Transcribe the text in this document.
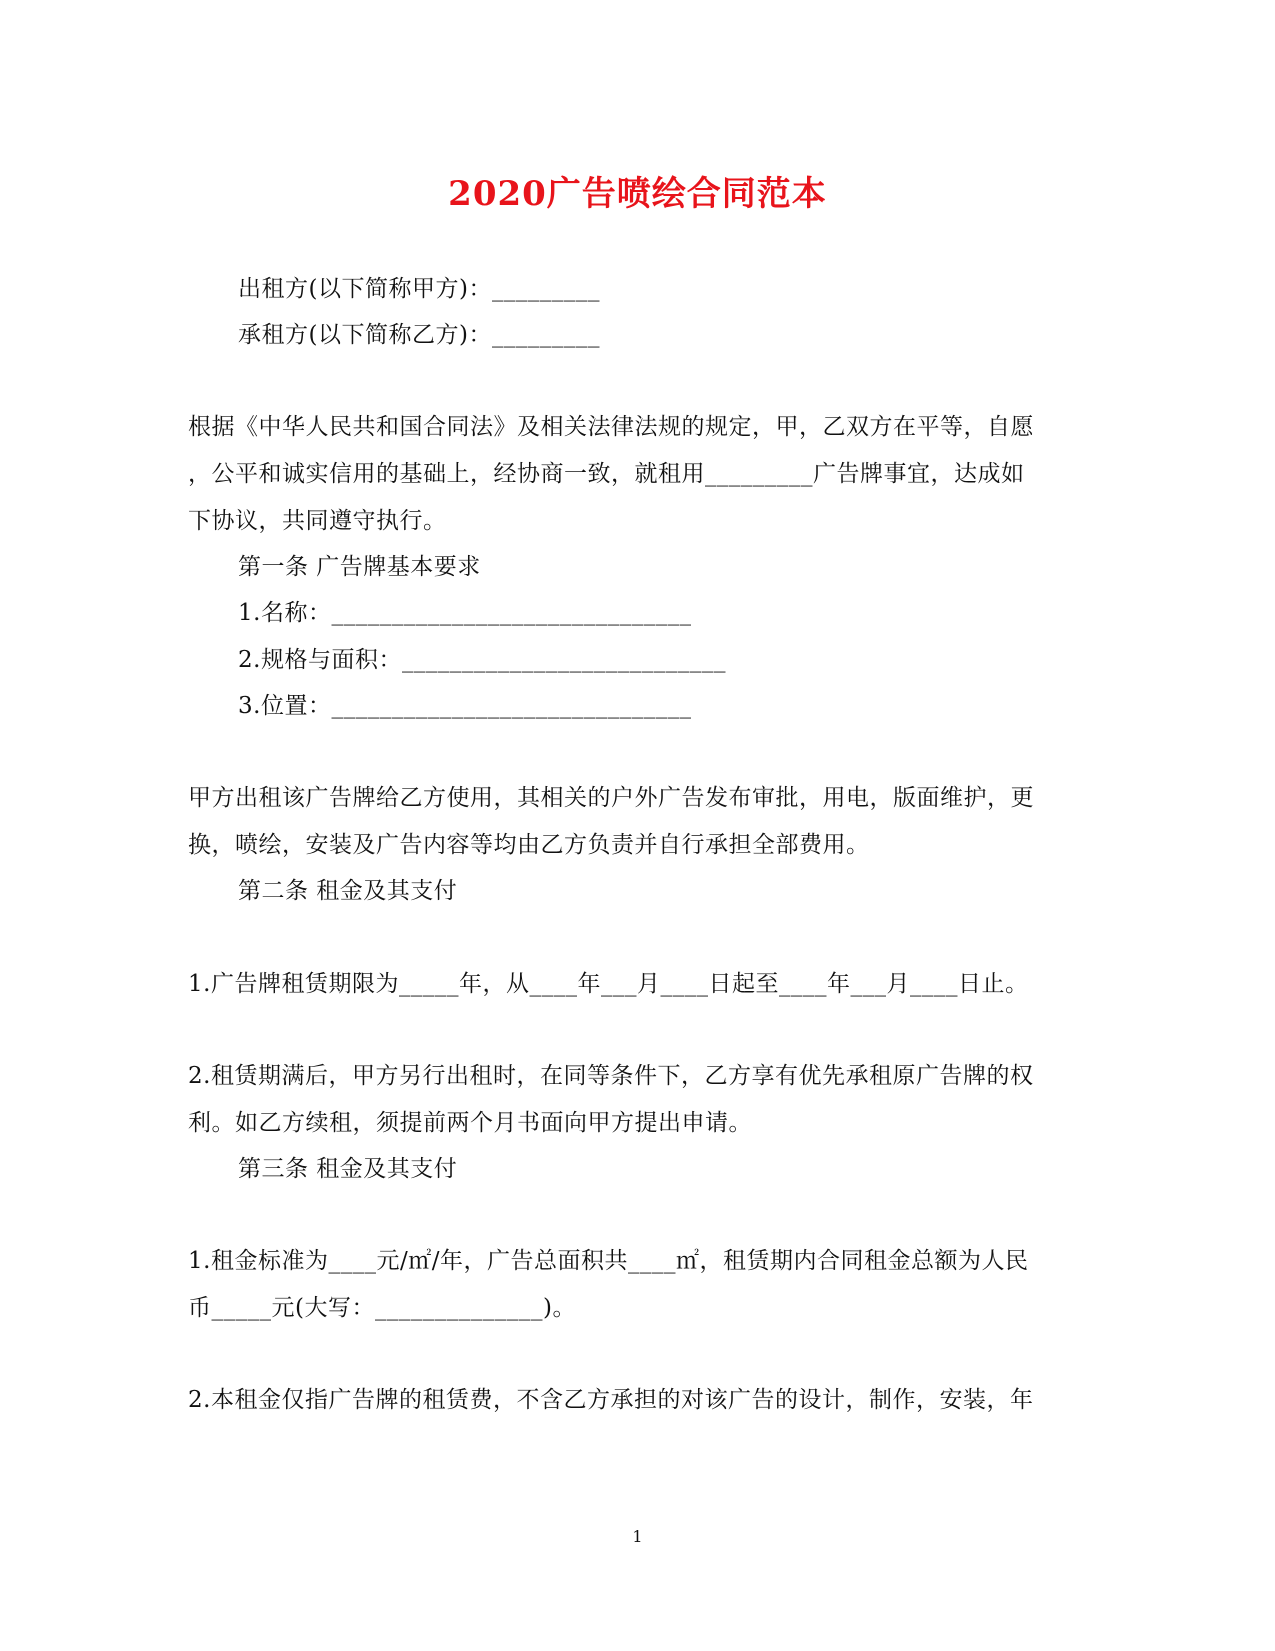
2020广告喷绘合同范本
出租方(以下简称甲方)：_________
承租方(以下简称乙方)：_________
根据《中华人民共和国合同法》及相关法律法规的规定，甲，乙双方在平等，自愿
，公平和诚实信用的基础上，经协商一致，就租用_________广告牌事宜，达成如
下协议，共同遵守执行。
第一条 广告牌基本要求
1.名称：______________________________
2.规格与面积：___________________________
3.位置：______________________________
甲方出租该广告牌给乙方使用，其相关的户外广告发布审批，用电，版面维护，更
换，喷绘，安装及广告内容等均由乙方负责并自行承担全部费用。
第二条 租金及其支付
1.广告牌租赁期限为_____年，从____年___月____日起至____年___月____日止。
2.租赁期满后，甲方另行出租时，在同等条件下，乙方享有优先承租原广告牌的权
利。如乙方续租，须提前两个月书面向甲方提出申请。
第三条 租金及其支付
1.租金标准为____元/㎡/年，广告总面积共____㎡，租赁期内合同租金总额为人民
币_____元(大写：______________)。
2.本租金仅指广告牌的租赁费，不含乙方承担的对该广告的设计，制作，安装，年
1
